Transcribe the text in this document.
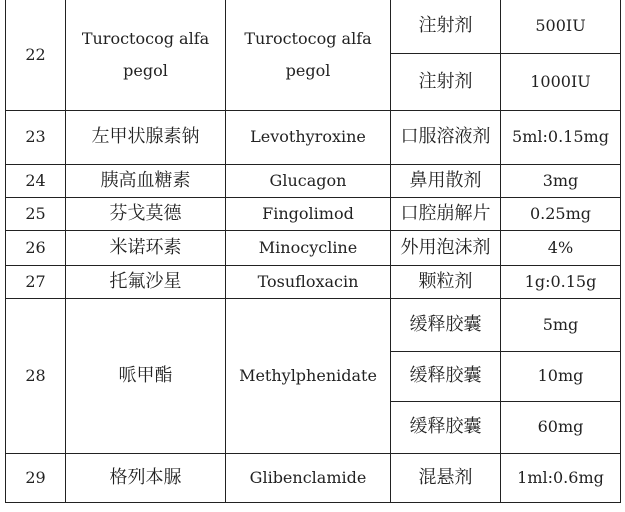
22	Turoctocog alfa pegol	Turoctocog alfa pegol	注射剂	500IU
			注射剂	1000IU
23	左甲状腺素钠	Levothyroxine	口服溶液剂	5ml:0.15mg
24	胰高血糖素	Glucagon	鼻用散剂	3mg
25	芬戈莫德	Fingolimod	口腔崩解片	0.25mg
26	米诺环素	Minocycline	外用泡沫剂	4%
27	托氟沙星	Tosufloxacin	颗粒剂	1g:0.15g
28	哌甲酯	Methylphenidate	缓释胶囊	5mg
			缓释胶囊	10mg
			缓释胶囊	60mg
29	格列本脲	Glibenclamide	混悬剂	1ml:0.6mg
